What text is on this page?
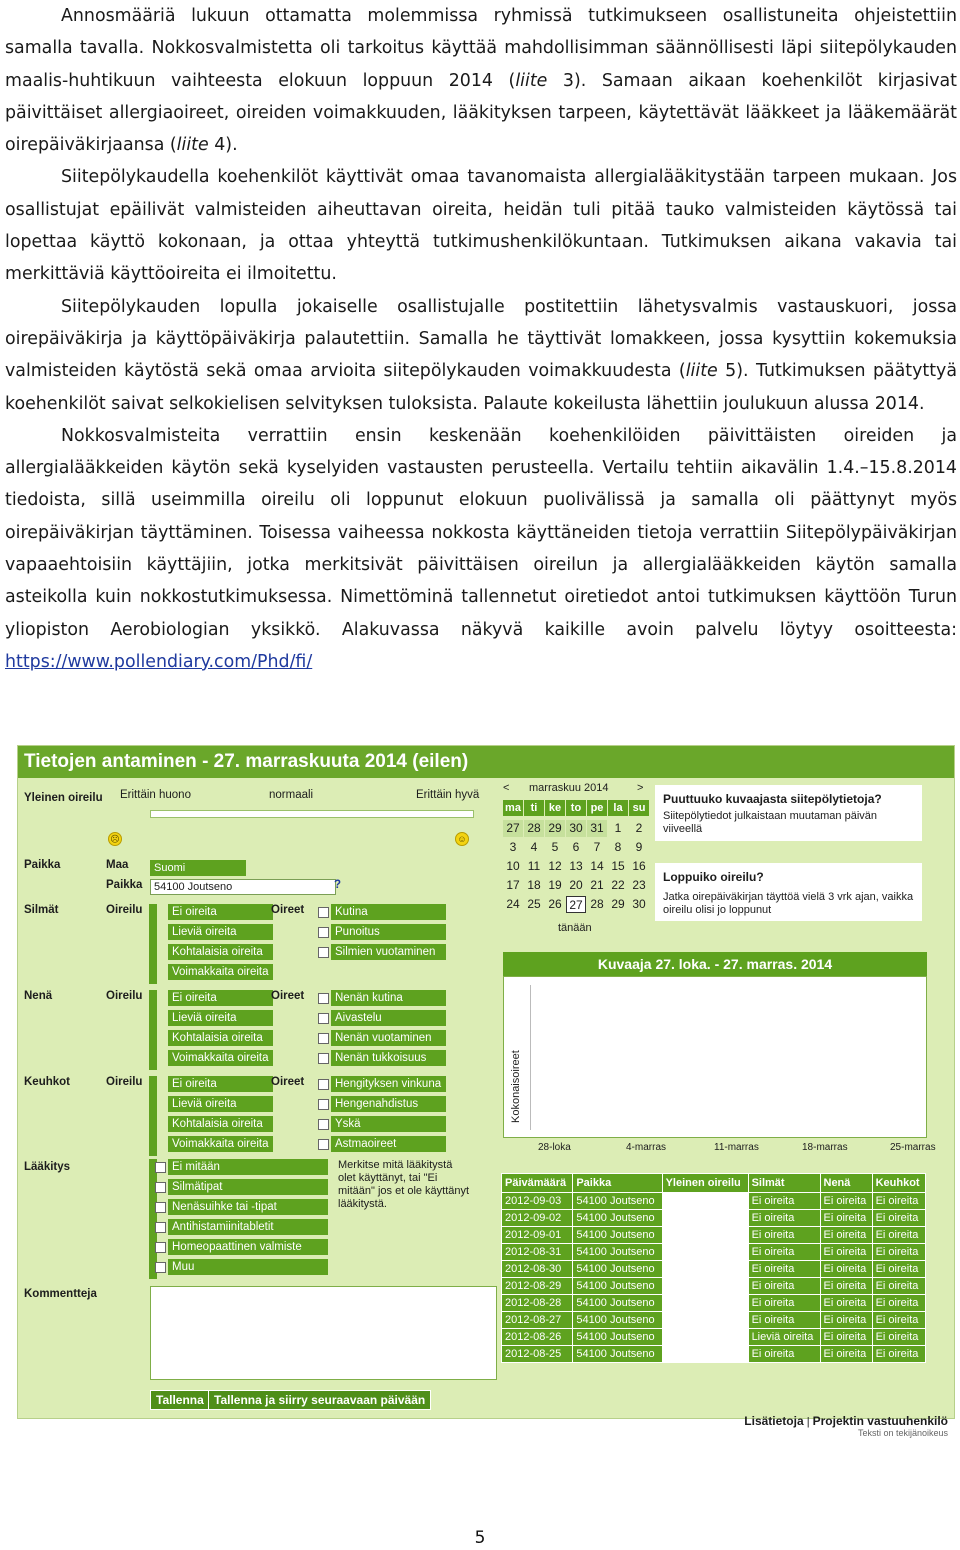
Annosmääriä lukuun ottamatta molemmissa ryhmissä tutkimukseen osallistuneita ohjeistettiin samalla tavalla. Nokkosvalmistetta oli tarkoitus käyttää mahdollisimman säännöllisesti läpi siitepölykauden maalis-huhtikuun vaihteesta elokuun loppuun 2014 (liite 3). Samaan aikaan koehenkilöt kirjasivat päivittäiset allergiaoireet, oireiden voimakkuuden, lääkityksen tarpeen, käytettävät lääkkeet ja lääkemäärät oirepäiväkirjaansa (liite 4).

Siitepölykaudella koehenkilöt käyttivät omaa tavanomaista allergialääkitystään tarpeen mukaan. Jos osallistujat epäilivät valmisteiden aiheuttavan oireita, heidän tuli pitää tauko valmisteiden käytössä tai lopettaa käyttö kokonaan, ja ottaa yhteyttä tutkimushenkilökuntaan. Tutkimuksen aikana vakavia tai merkittäviä käyttöoireita ei ilmoitettu.

Siitepölykauden lopulla jokaiselle osallistujalle postitettiin lähetysvalmis vastauskuori, jossa oirepäiväkirja ja käyttöpäiväkirja palautettiin. Samalla he täyttivät lomakkeen, jossa kysyttiin kokemuksia valmisteiden käytöstä sekä omaa arvioita siitepölykauden voimakkuudesta (liite 5). Tutkimuksen päätyttyä koehenkilöt saivat selkokielisen selvityksen tuloksista. Palaute kokeilusta lähettiin joulukuun alussa 2014.

Nokkosvalmisteita verrattiin ensin keskenään koehenkilöiden päivittäisten oireiden ja allergialääkkeiden käytön sekä kyselyiden vastausten perusteella. Vertailu tehtiin aikavälin 1.4.–15.8.2014 tiedoista, sillä useimmilla oireilu oli loppunut elokuun puolivälissä ja samalla oli päättynyt myös oirepäiväkirjan täyttäminen. Toisessa vaiheessa nokkosta käyttäneiden tietoja verrattiin Siitepölypäiväkirjan vapaaehtoisiin käyttäjiin, jotka merkitsivät päivittäisen oireilun ja allergialääkkeiden käytön samalla asteikolla kuin nokkostutkimuksessa. Nimettöminä tallennetut oiretiedot antoi tutkimuksen käyttöön Turun yliopiston Aerobiologian yksikkö. Alakuvassa näkyvä kaikille avoin palvelu löytyy osoitteesta: https://www.pollendiary.com/Phd/fi/

Tietojen antaminen - 27. marraskuuta 2014 (eilen)
Yleinen oireilu Erittäin huono	normaali	Erittäin hyvä
☹	☺
Paikka	Maa	Suomi
Paikka	54100 Joutseno	?
Silmät	Oireilu	Ei oireita
Lieviä oireita
Kohtalaisia oireita
Voimakkaita oireita
Oireet	Kutina
Punoitus
Silmien vuotaminen
Nenä	Oireilu	Ei oireita
Lieviä oireita
Kohtalaisia oireita
Voimakkaita oireita
Oireet	Nenän kutina
Aivastelu
Nenän vuotaminen
Nenän tukkoisuus
Keuhkot	Oireilu	Ei oireita
Lieviä oireita
Kohtalaisia oireita
Voimakkaita oireita
Oireet	Hengityksen vinkuna
Hengenahdistus
Yskä
Astmaoireet
Lääkitys	Ei mitään
Silmätipat
Nenäsuihke tai -tipat
Antihistamiinitabletit
Homeopaattinen valmiste
Muu
Merkitse mitä lääkitystä olet käyttänyt, tai "Ei mitään" jos et ole käyttänyt lääkitystä.
Kommentteja
Tallenna Tallenna ja siirry seuraavaan päivään
< marraskuu 2014	>
ma ti	ke to pe la su
27 28 29 30 31 1	2
3	4	5	6	7	8	9
10 11 12 13 14 15 16
17 18 19 20 21 22 23
24 25 26 27 28 29 30
tänään
Puuttuuko kuvaajasta siitepölytietoja?
Siitepölytiedot julkaistaan muutaman päivän viiveellä
Loppuiko oireilu?
Jatka oirepäiväkirjan täyttöä vielä 3 vrk ajan, vaikka oireilu olisi jo loppunut
Kuvaaja 27. loka. - 27. marras. 2014
Kokonaisoireet
28-loka	4-marras	11-marras	18-marras	25-marras
Päivämäärä	Paikka	Yleinen oireilu	Silmät	Nenä	Keuhkot
2012-09-03	54100 Joutseno		Ei oireita	Ei oireita	Ei oireita
2012-09-02	54100 Joutseno		Ei oireita	Ei oireita	Ei oireita
2012-09-01	54100 Joutseno		Ei oireita	Ei oireita	Ei oireita
2012-08-31	54100 Joutseno		Ei oireita	Ei oireita	Ei oireita
2012-08-30	54100 Joutseno		Ei oireita	Ei oireita	Ei oireita
2012-08-29	54100 Joutseno		Ei oireita	Ei oireita	Ei oireita
2012-08-28	54100 Joutseno		Ei oireita	Ei oireita	Ei oireita
2012-08-27	54100 Joutseno		Ei oireita	Ei oireita	Ei oireita
2012-08-26	54100 Joutseno		Lieviä oireita	Ei oireita	Ei oireita
2012-08-25	54100 Joutseno		Ei oireita	Ei oireita	Ei oireita
Lisätietoja | Projektin vastuuhenkilö
Teksti on tekijänoikeus
5
